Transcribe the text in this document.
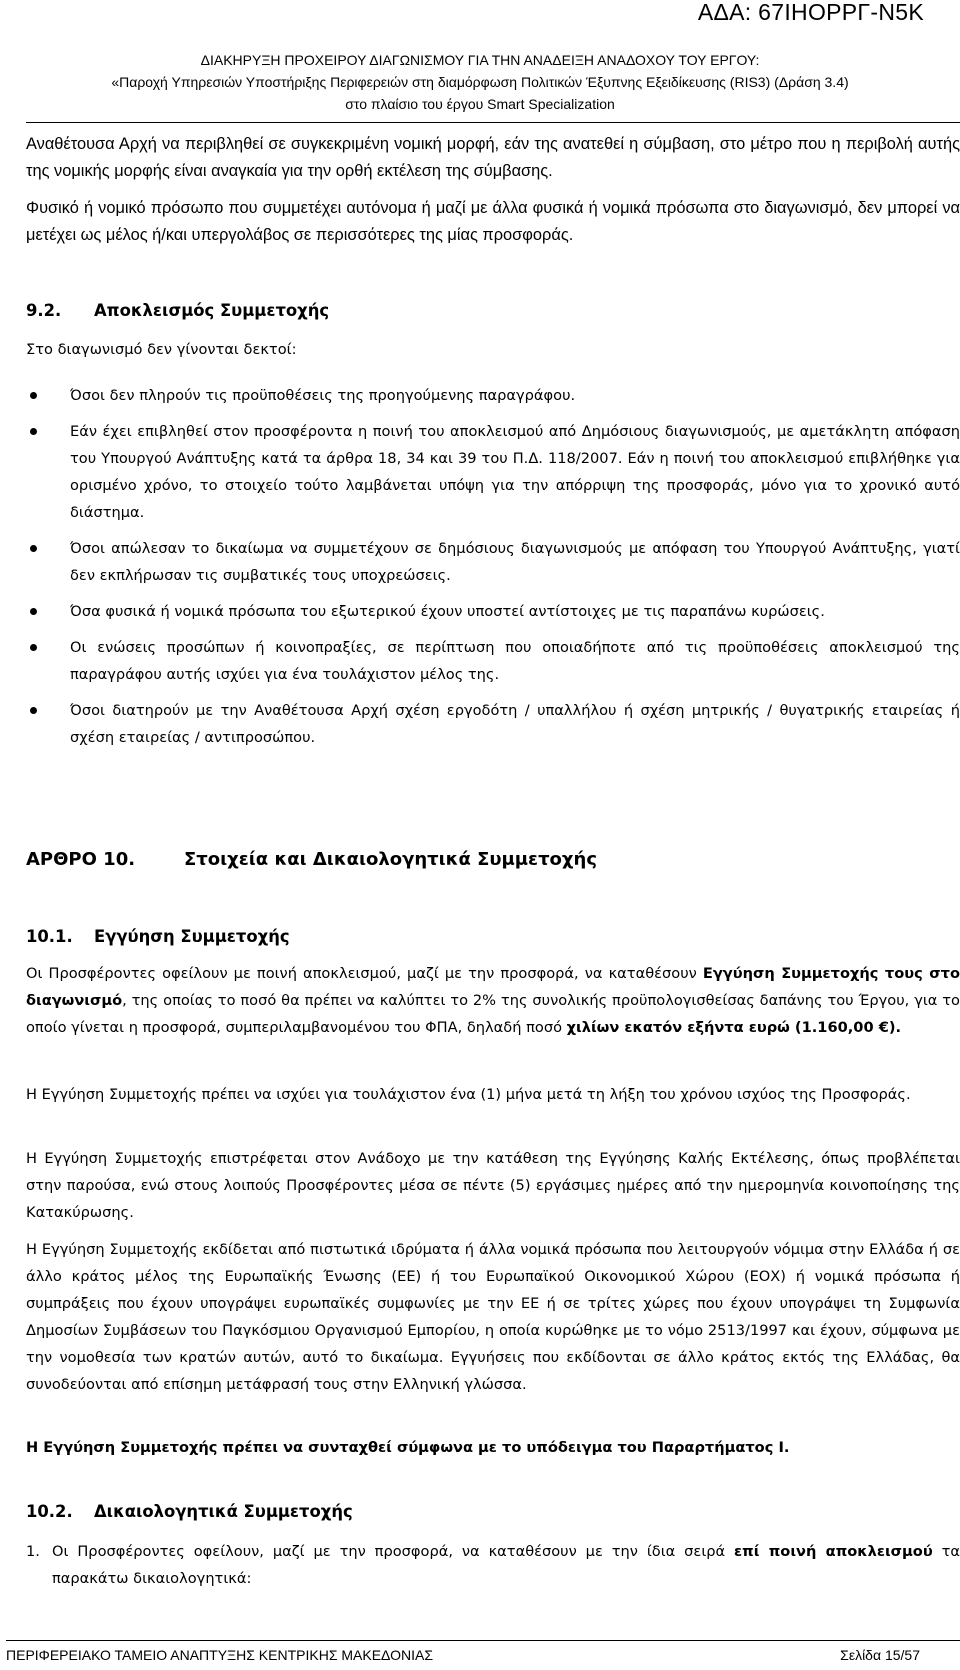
ΑΔΑ: 67ΙΗΟΡΡΓ-Ν5Κ
ΔΙΑΚΗΡΥΞΗ ΠΡΟΧΕΙΡΟΥ ΔΙΑΓΩΝΙΣΜΟΥ ΓΙΑ ΤΗΝ ΑΝΑΔΕΙΞΗ ΑΝΑΔΟΧΟΥ ΤΟΥ ΕΡΓΟΥ:
«Παροχή Υπηρεσιών Υποστήριξης Περιφερειών στη διαμόρφωση Πολιτικών Έξυπνης Εξειδίκευσης (RIS3) (Δράση 3.4)
στο πλαίσιο του έργου Smart Specialization
Αναθέτουσα Αρχή να περιβληθεί σε συγκεκριμένη νομική μορφή, εάν της ανατεθεί η σύμβαση, στο μέτρο που η περιβολή αυτής της νομικής μορφής είναι αναγκαία για την ορθή εκτέλεση της σύμβασης.
Φυσικό ή νομικό πρόσωπο που συμμετέχει αυτόνομα ή μαζί με άλλα φυσικά ή νομικά πρόσωπα στο διαγωνισμό, δεν μπορεί να μετέχει ως μέλος ή/και υπεργολάβος σε περισσότερες της μίας προσφοράς.
9.2. Αποκλεισμός Συμμετοχής
Στο διαγωνισμό δεν γίνονται δεκτοί:
Όσοι δεν πληρούν τις προϋποθέσεις της προηγούμενης παραγράφου.
Εάν έχει επιβληθεί στον προσφέροντα η ποινή του αποκλεισμού από Δημόσιους διαγωνισμούς, με αμετάκλητη απόφαση του Υπουργού Ανάπτυξης κατά τα άρθρα 18, 34 και 39 του Π.Δ. 118/2007. Εάν η ποινή του αποκλεισμού επιβλήθηκε για ορισμένο χρόνο, το στοιχείο τούτο λαμβάνεται υπόψη για την απόρριψη της προσφοράς, μόνο για το χρονικό αυτό διάστημα.
Όσοι απώλεσαν το δικαίωμα να συμμετέχουν σε δημόσιους διαγωνισμούς με απόφαση του Υπουργού Ανάπτυξης, γιατί δεν εκπλήρωσαν τις συμβατικές τους υποχρεώσεις.
Όσα φυσικά ή νομικά πρόσωπα του εξωτερικού έχουν υποστεί αντίστοιχες με τις παραπάνω κυρώσεις.
Οι ενώσεις προσώπων ή κοινοπραξίες, σε περίπτωση που οποιαδήποτε από τις προϋποθέσεις αποκλεισμού της παραγράφου αυτής ισχύει για ένα τουλάχιστον μέλος της.
Όσοι διατηρούν με την Αναθέτουσα Αρχή σχέση εργοδότη / υπαλλήλου ή σχέση μητρικής / θυγατρικής εταιρείας ή σχέση εταιρείας / αντιπροσώπου.
ΑΡΘΡΟ 10.	Στοιχεία και Δικαιολογητικά Συμμετοχής
10.1. Εγγύηση Συμμετοχής
Οι Προσφέροντες οφείλουν με ποινή αποκλεισμού, μαζί με την προσφορά, να καταθέσουν Εγγύηση Συμμετοχής τους στο διαγωνισμό, της οποίας το ποσό θα πρέπει να καλύπτει το 2% της συνολικής προϋπολογισθείσας δαπάνης του Έργου, για το οποίο γίνεται η προσφορά, συμπεριλαμβανομένου του ΦΠΑ, δηλαδή ποσό χιλίων εκατόν εξήντα ευρώ (1.160,00 €).
Η Εγγύηση Συμμετοχής πρέπει να ισχύει για τουλάχιστον ένα (1) μήνα μετά τη λήξη του χρόνου ισχύος της Προσφοράς.
Η Εγγύηση Συμμετοχής επιστρέφεται στον Ανάδοχο με την κατάθεση της Εγγύησης Καλής Εκτέλεσης, όπως προβλέπεται στην παρούσα, ενώ στους λοιπούς Προσφέροντες μέσα σε πέντε (5) εργάσιμες ημέρες από την ημερομηνία κοινοποίησης της Κατακύρωσης.
Η Εγγύηση Συμμετοχής εκδίδεται από πιστωτικά ιδρύματα ή άλλα νομικά πρόσωπα που λειτουργούν νόμιμα στην Ελλάδα ή σε άλλο κράτος μέλος της Ευρωπαϊκής Ένωσης (ΕΕ) ή του Ευρωπαϊκού Οικονομικού Χώρου (ΕΟΧ) ή νομικά πρόσωπα ή συμπράξεις που έχουν υπογράψει ευρωπαϊκές συμφωνίες με την ΕΕ ή σε τρίτες χώρες που έχουν υπογράψει τη Συμφωνία Δημοσίων Συμβάσεων του Παγκόσμιου Οργανισμού Εμπορίου, η οποία κυρώθηκε με το νόμο 2513/1997 και έχουν, σύμφωνα με την νομοθεσία των κρατών αυτών, αυτό το δικαίωμα. Εγγυήσεις που εκδίδονται σε άλλο κράτος εκτός της Ελλάδας, θα συνοδεύονται από επίσημη μετάφρασή τους στην Ελληνική γλώσσα.
Η Εγγύηση Συμμετοχής πρέπει να συνταχθεί σύμφωνα με το υπόδειγμα του Παραρτήματος Ι.
10.2. Δικαιολογητικά Συμμετοχής
1. Οι Προσφέροντες οφείλουν, μαζί με την προσφορά, να καταθέσουν με την ίδια σειρά επί ποινή αποκλεισμού τα παρακάτω δικαιολογητικά:
ΠΕΡΙΦΕΡΕΙΑΚΟ ΤΑΜΕΙΟ ΑΝΑΠΤΥΞΗΣ ΚΕΝΤΡΙΚΗΣ ΜΑΚΕΔΟΝΙΑΣ	Σελίδα 15/57
